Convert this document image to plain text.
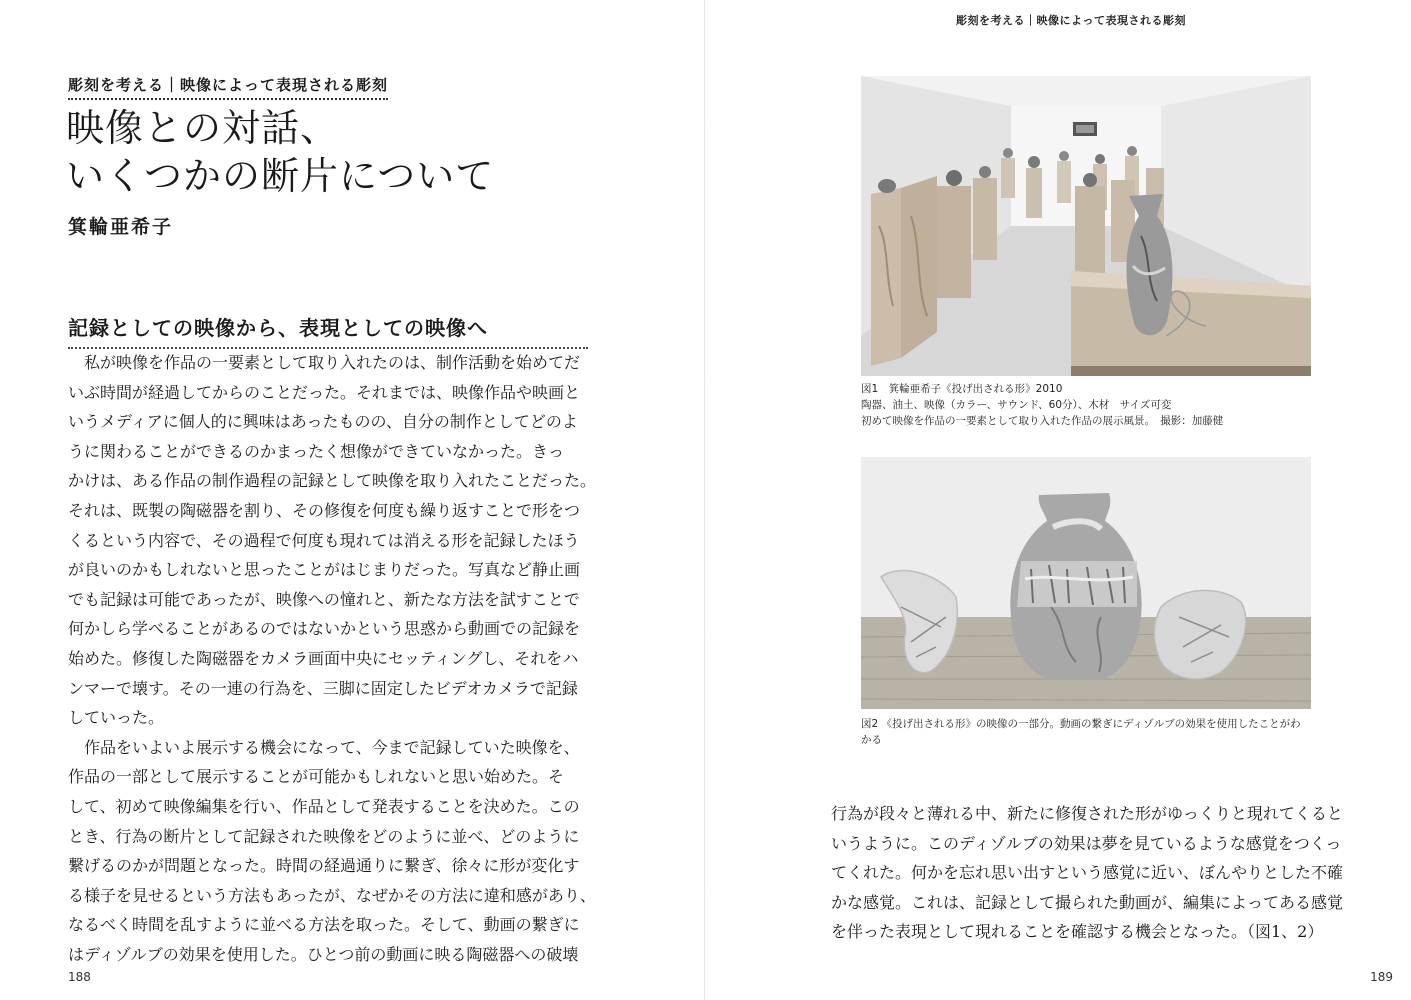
彫刻を考える｜映像によって表現される彫刻
映像との対話、
いくつかの断片について
箕輪亜希子
記録としての映像から、表現としての映像へ
　私が映像を作品の一要素として取り入れたのは、制作活動を始めてだ
いぶ時間が経過してからのことだった。それまでは、映像作品や映画と
いうメディアに個人的に興味はあったものの、自分の制作としてどのよ
うに関わることができるのかまったく想像ができていなかった。きっ
かけは、ある作品の制作過程の記録として映像を取り入れたことだった。
それは、既製の陶磁器を割り、その修復を何度も繰り返すことで形をつ
くるという内容で、その過程で何度も現れては消える形を記録したほう
が良いのかもしれないと思ったことがはじまりだった。写真など静止画
でも記録は可能であったが、映像への憧れと、新たな方法を試すことで
何かしら学べることがあるのではないかという思惑から動画での記録を
始めた。修復した陶磁器をカメラ画面中央にセッティングし、それをハ
ンマーで壊す。その一連の行為を、三脚に固定したビデオカメラで記録
していった。
　作品をいよいよ展示する機会になって、今まで記録していた映像を、
作品の一部として展示することが可能かもしれないと思い始めた。そ
して、初めて映像編集を行い、作品として発表することを決めた。この
とき、行為の断片として記録された映像をどのように並べ、どのように
繋げるのかが問題となった。時間の経過通りに繋ぎ、徐々に形が変化す
る様子を見せるという方法もあったが、なぜかその方法に違和感があり、
なるべく時間を乱すように並べる方法を取った。そして、動画の繋ぎに
はディゾルブの効果を使用した。ひとつ前の動画に映る陶磁器への破壊
188
彫刻を考える｜映像によって表現される彫刻
図1　箕輪亜希子《投げ出される形》2010
陶器、油土、映像（カラー、サウンド、60分）、木材　サイズ可変
初めて映像を作品の一要素として取り入れた作品の展示風景。　撮影：加藤健
図2 《投げ出される形》の映像の一部分。動画の繋ぎにディゾルブの効果を使用したことがわ
かる
行為が段々と薄れる中、新たに修復された形がゆっくりと現れてくると
いうように。このディゾルブの効果は夢を見ているような感覚をつくっ
てくれた。何かを忘れ思い出すという感覚に近い、ぼんやりとした不確
かな感覚。これは、記録として撮られた動画が、編集によってある感覚
を伴った表現として現れることを確認する機会となった。（図1、2）
189
